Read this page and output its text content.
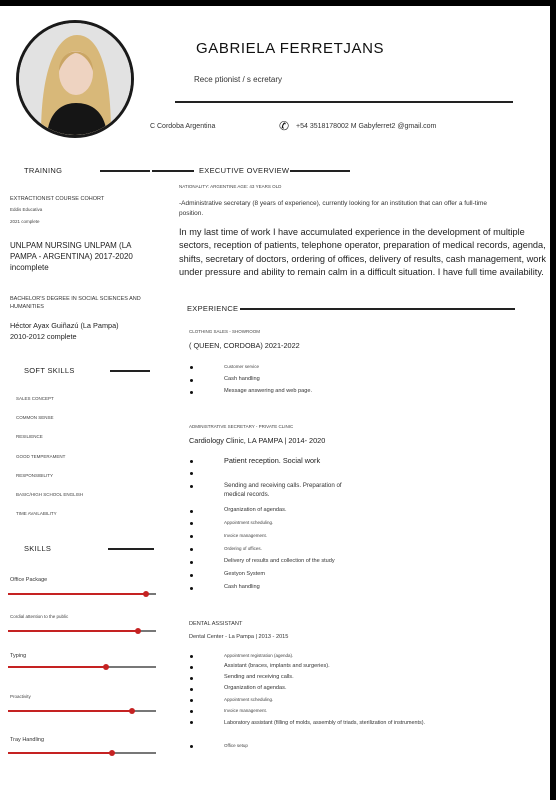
GABRIELA FERRETJANS
Rece ptionist / s ecretary
C Cordoba Argentina	✆ +54 3518178002 M Gabyferret2 @gmail.com
TRAINING
EXTRACTIONIST COURSE COHORT
Eddis Educativa
2021 complete
UNLPAM NURSING UNLPAM (LA PAMPA - ARGENTINA) 2017-2020 incomplete
BACHELOR'S DEGREE IN SOCIAL SCIENCES AND HUMANITIES
Héctor Ayax Guiñazú (La Pampa)
2010-2012 complete
SOFT SKILLS
SALES CONCEPT
COMMON SENSE
RESILIENCE
GOOD TEMPERAMENT
RESPONSIBILITY
BASIC/HIGH SCHOOL ENGLISH
TIME AVAILABILITY
SKILLS
Office Package
Cordial attention to the public
Typing
Proactivity
Tray Handling
EXECUTIVE OVERVIEW
NATIONALITY: ARGENTINE AGE: 43 YEARS OLD
-Administrative secretary (8 years of experience), currently looking for an institution that can offer a full-time position.
In my last time of work I have accumulated experience in the development of multiple sectors, reception of patients, telephone operator, preparation of medical records, agenda, shifts, secretary of doctors, ordering of offices, delivery of results, cash management, work under pressure and ability to remain calm in a difficult situation. I have full time availability.
EXPERIENCE
CLOTHING SALES - SHOWROOM
( QUEEN, CORDOBA) 2021-2022
Customer service
Cash handling
Message answering and web page.
ADMINISTRATIVE SECRETARY - PRIVATE CLINIC
Cardiology Clinic, LA PAMPA | 2014- 2020
Patient reception. Social work
Sending and receiving calls. Preparation of medical records.
Organization of agendas.
Appointment scheduling.
Invoice management.
Ordering of offices.
Delivery of results and collection of the study
Gestyon System
Cash handling
DENTAL ASSISTANT
Dental Center - La Pampa | 2013 - 2015
Appointment registration (agenda).
Assistant (braces, implants and surgeries).
Sending and receiving calls.
Organization of agendas.
Appointment scheduling.
Invoice management.
Laboratory assistant (filling of molds, assembly of triads, sterilization of instruments).
Office setup
